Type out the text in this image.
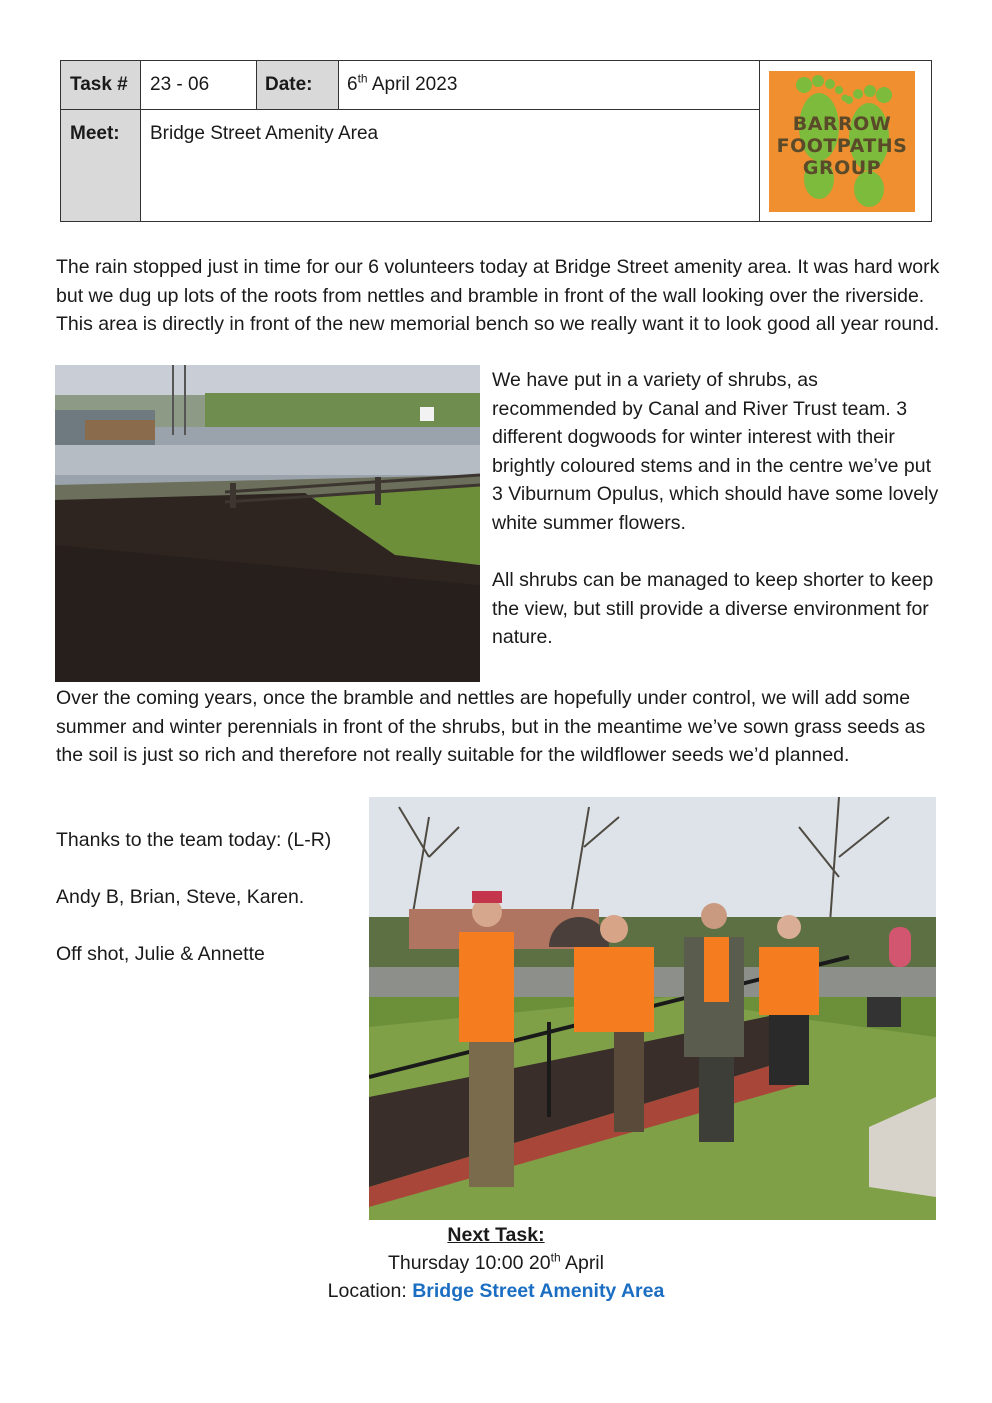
Task #	23 - 06	Date:	6th April 2023
Meet:	Bridge Street Amenity Area	BARROW
FOOTPATHS
GROUP

The rain stopped just in time for our 6 volunteers today at Bridge Street amenity area. It was hard work but we dug up lots of the roots from nettles and bramble in front of the wall looking over the riverside. This area is directly in front of the new memorial bench so we really want it to look good all year round.

We have put in a variety of shrubs, as recommended by Canal and River Trust team. 3 different dogwoods for winter interest with their brightly coloured stems and in the centre we’ve put 3 Viburnum Opulus, which should have some lovely white summer flowers.

All shrubs can be managed to keep shorter to keep the view, but still provide a diverse environment for nature.

Over the coming years, once the bramble and nettles are hopefully under control, we will add some summer and winter perennials in front of the shrubs, but in the meantime we’ve sown grass seeds as the soil is just so rich and therefore not really suitable for the wildflower seeds we’d planned.

Thanks to the team today: (L-R)

Andy B, Brian, Steve, Karen.

Off shot, Julie & Annette

Next Task:
Thursday 10:00 20th April
Location: Bridge Street Amenity Area
